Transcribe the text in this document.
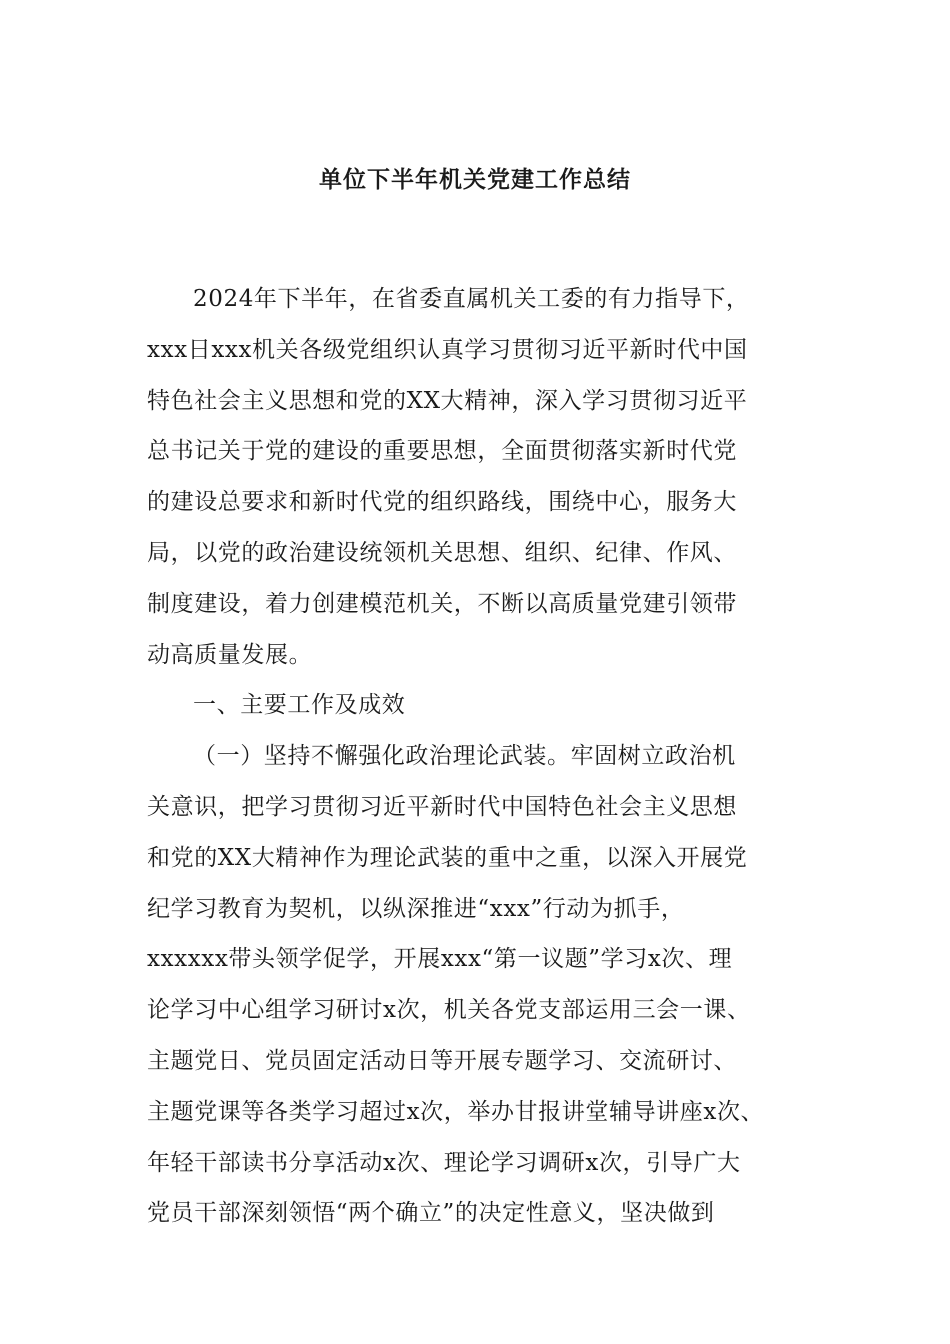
单位下半年机关党建工作总结
2024年下半年，在省委直属机关工委的有力指导下，
xxx日xxx机关各级党组织认真学习贯彻习近平新时代中国
特色社会主义思想和党的XX大精神，深入学习贯彻习近平
总书记关于党的建设的重要思想，全面贯彻落实新时代党
的建设总要求和新时代党的组织路线，围绕中心，服务大
局，以党的政治建设统领机关思想、组织、纪律、作风、
制度建设，着力创建模范机关，不断以高质量党建引领带
动高质量发展。
一、主要工作及成效
（一）坚持不懈强化政治理论武装。牢固树立政治机
关意识，把学习贯彻习近平新时代中国特色社会主义思想
和党的XX大精神作为理论武装的重中之重，以深入开展党
纪学习教育为契机，以纵深推进“xxx”行动为抓手，
xxxxxx带头领学促学，开展xxx“第一议题”学习x次、理
论学习中心组学习研讨x次，机关各党支部运用三会一课、
主题党日、党员固定活动日等开展专题学习、交流研讨、
主题党课等各类学习超过x次，举办甘报讲堂辅导讲座x次、
年轻干部读书分享活动x次、理论学习调研x次，引导广大
党员干部深刻领悟“两个确立”的决定性意义，坚决做到
